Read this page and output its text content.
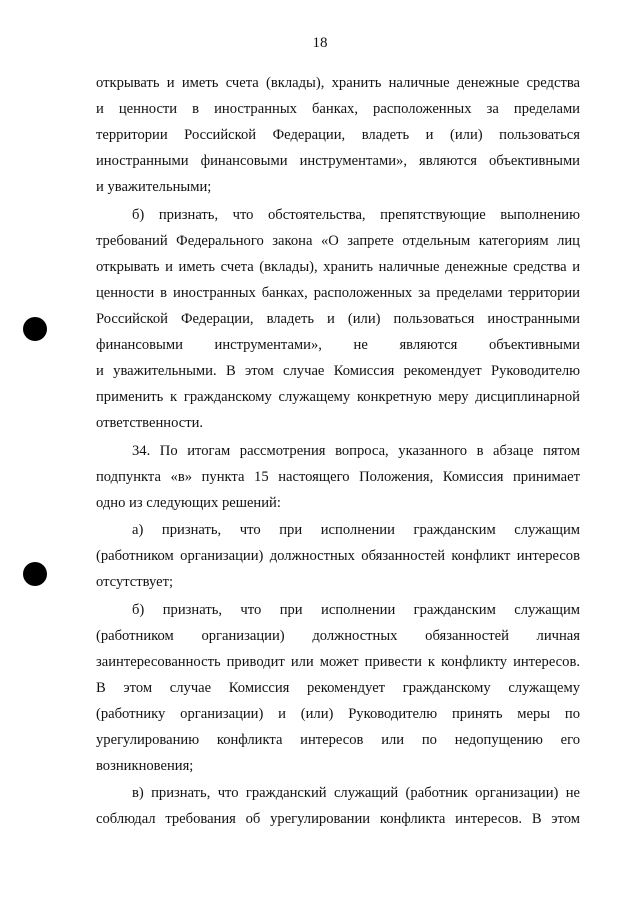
18
открывать и иметь счета (вклады), хранить наличные денежные средства
и ценности в иностранных банках, расположенных за пределами
территории Российской Федерации, владеть и (или) пользоваться
иностранными финансовыми инструментами», являются объективными
и уважительными;
б) признать, что обстоятельства, препятствующие выполнению
требований Федерального закона «О запрете отдельным категориям лиц
открывать и иметь счета (вклады), хранить наличные денежные средства и
ценности в иностранных банках, расположенных за пределами территории
Российской Федерации, владеть и (или) пользоваться иностранными
финансовыми инструментами», не являются объективными
и уважительными. В этом случае Комиссия рекомендует Руководителю
применить к гражданскому служащему конкретную меру дисциплинарной
ответственности.
34. По итогам рассмотрения вопроса, указанного в абзаце пятом
подпункта «в» пункта 15 настоящего Положения, Комиссия принимает
одно из следующих решений:
а) признать, что при исполнении гражданским служащим
(работником организации) должностных обязанностей конфликт интересов
отсутствует;
б) признать, что при исполнении гражданским служащим
(работником организации) должностных обязанностей личная
заинтересованность приводит или может привести к конфликту интересов.
В этом случае Комиссия рекомендует гражданскому служащему
(работнику организации) и (или) Руководителю принять меры по
урегулированию конфликта интересов или по недопущению его
возникновения;
в) признать, что гражданский служащий (работник организации) не
соблюдал требования об урегулировании конфликта интересов. В этом
